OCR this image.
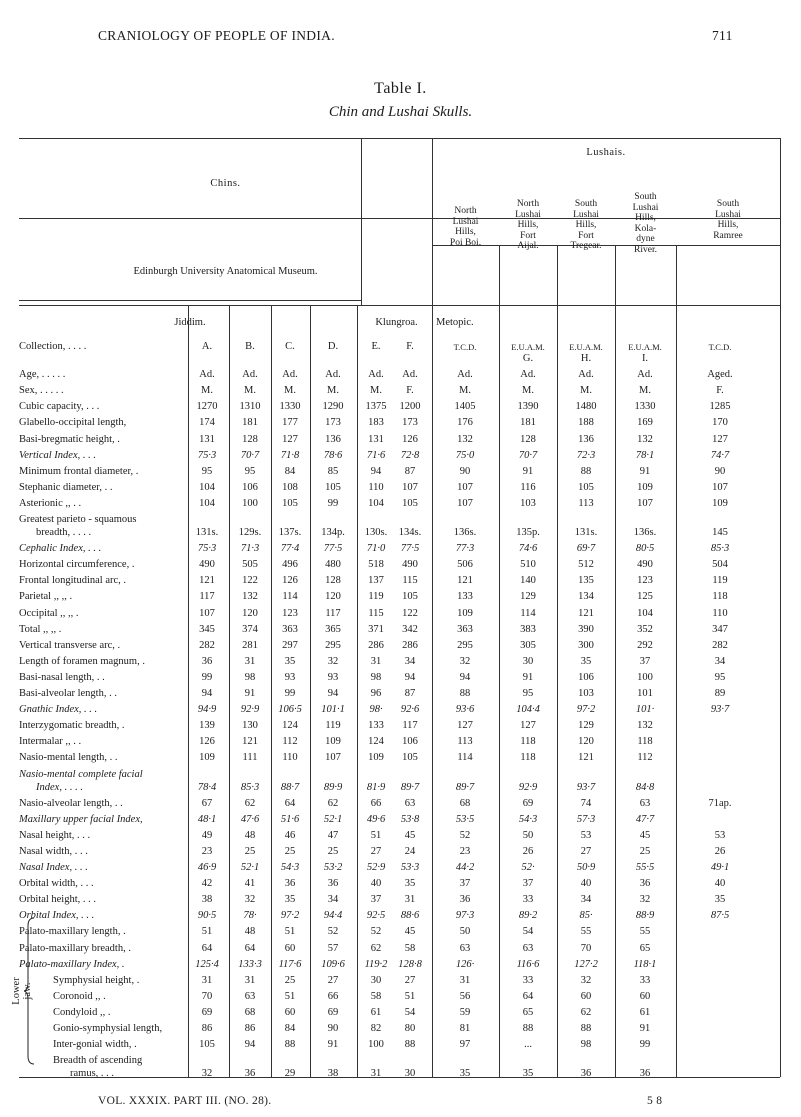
CRANIOLOGY OF PEOPLE OF INDIA.	711
Table I.
Chin and Lushai Skulls.
Chins.
Lushais.
Edinburgh University Anatomical Museum.
Jiddim.	Klungroa.	Metopic.
North
Lushai
Hills,
Poi Boi.
North
Lushai
Hills,
Fort
Aijal.
South
Lushai
Hills,
Fort
Tregear.
South
Lushai
Hills,
Kola-
dyne
River.
South
Lushai
Hills,
Ramree
Collection, . . . .	A.	B.	C.	D.	E.	F.	T.C.D.	E.U.A.M.	E.U.A.M.	E.U.A.M.	T.C.D.
G.	H.	I.
Age, . . . . .	Ad.	Ad.	Ad.	Ad.	Ad.	Ad.	Ad.	Ad.	Ad.	Ad.	Aged.
Sex, . . . . .	M.	M.	M.	M.	M.	F.	M.	M.	M.	M.	F.
Cubic capacity, . . .	1270	1310	1330	1290	1375	1200	1405	1390	1480	1330	1285
Glabello-occipital length,	174	181	177	173	183	173	176	181	188	169	170
Basi-bregmatic height, .	131	128	127	136	131	126	132	128	136	132	127
Vertical Index, . . .	75·3	70·7	71·8	78·6	71·6	72·8	75·0	70·7	72·3	78·1	74·7
Minimum frontal diameter, .	95	95	84	85	94	87	90	91	88	91	90
Stephanic diameter, . .	104	106	108	105	110	107	107	116	105	109	107
Asterionic ,, . .	104	100	105	99	104	105	107	103	113	107	109
Greatest parieto - squamous
breadth, . . . .	131s.	129s.	137s.	134p.	130s.	134s.	136s.	135p.	131s.	136s.	145
Cephalic Index, . . .	75·3	71·3	77·4	77·5	71·0	77·5	77·3	74·6	69·7	80·5	85·3
Horizontal circumference, .	490	505	496	480	518	490	506	510	512	490	504
Frontal longitudinal arc, .	121	122	126	128	137	115	121	140	135	123	119
Parietal ,, ,, .	117	132	114	120	119	105	133	129	134	125	118
Occipital ,, ,, .	107	120	123	117	115	122	109	114	121	104	110
Total ,, ,, .	345	374	363	365	371	342	363	383	390	352	347
Vertical transverse arc, .	282	281	297	295	286	286	295	305	300	292	282
Length of foramen magnum, .	36	31	35	32	31	34	32	30	35	37	34
Basi-nasal length, . .	99	98	93	93	98	94	94	91	106	100	95
Basi-alveolar length, . .	94	91	99	94	96	87	88	95	103	101	89
Gnathic Index, . . .	94·9	92·9	106·5	101·1	98·	92·6	93·6	104·4	97·2	101·	93·7
Interzygomatic breadth, .	139	130	124	119	133	117	127	127	129	132
Intermalar ,, . .	126	121	112	109	124	106	113	118	120	118
Nasio-mental length, . .	109	111	110	107	109	105	114	118	121	112
Nasio-mental complete facial
Index, . . . .	78·4	85·3	88·7	89·9	81·9	89·7	89·7	92·9	93·7	84·8
Nasio-alveolar length, . .	67	62	64	62	66	63	68	69	74	63	71ap.
Maxillary upper facial Index,	48·1	47·6	51·6	52·1	49·6	53·8	53·5	54·3	57·3	47·7
Nasal height, . . .	49	48	46	47	51	45	52	50	53	45	53
Nasal width, . . .	23	25	25	25	27	24	23	26	27	25	26
Nasal Index, . . .	46·9	52·1	54·3	53·2	52·9	53·3	44·2	52·	50·9	55·5	49·1
Orbital width, . . .	42	41	36	36	40	35	37	37	40	36	40
Orbital height, . . .	38	32	35	34	37	31	36	33	34	32	35
Orbital Index, . . .	90·5	78·	97·2	94·4	92·5	88·6	97·3	89·2	85·	88·9	87·5
Palato-maxillary length, .	51	48	51	52	52	45	50	54	55	55
Palato-maxillary breadth, .	64	64	60	57	62	58	63	63	70	65
Palato-maxillary Index, .	125·4	133·3	117·6	109·6	119·2	128·8	126·	116·6	127·2	118·1
Symphysial height, .	31	31	25	27	30	27	31	33	32	33
Coronoid ,, .	70	63	51	66	58	51	56	64	60	60
Condyloid ,, .	69	68	60	69	61	54	59	65	62	61
Gonio-symphysial length,	86	86	84	90	82	80	81	88	88	91
Inter-gonial width, .	105	94	88	91	100	88	97	...	98	99
Breadth of ascending
ramus, . . .	32	36	29	38	31	30	35	35	36	36
Lower jaw.
VOL. XXXIX. PART III. (NO. 28).	5 8
